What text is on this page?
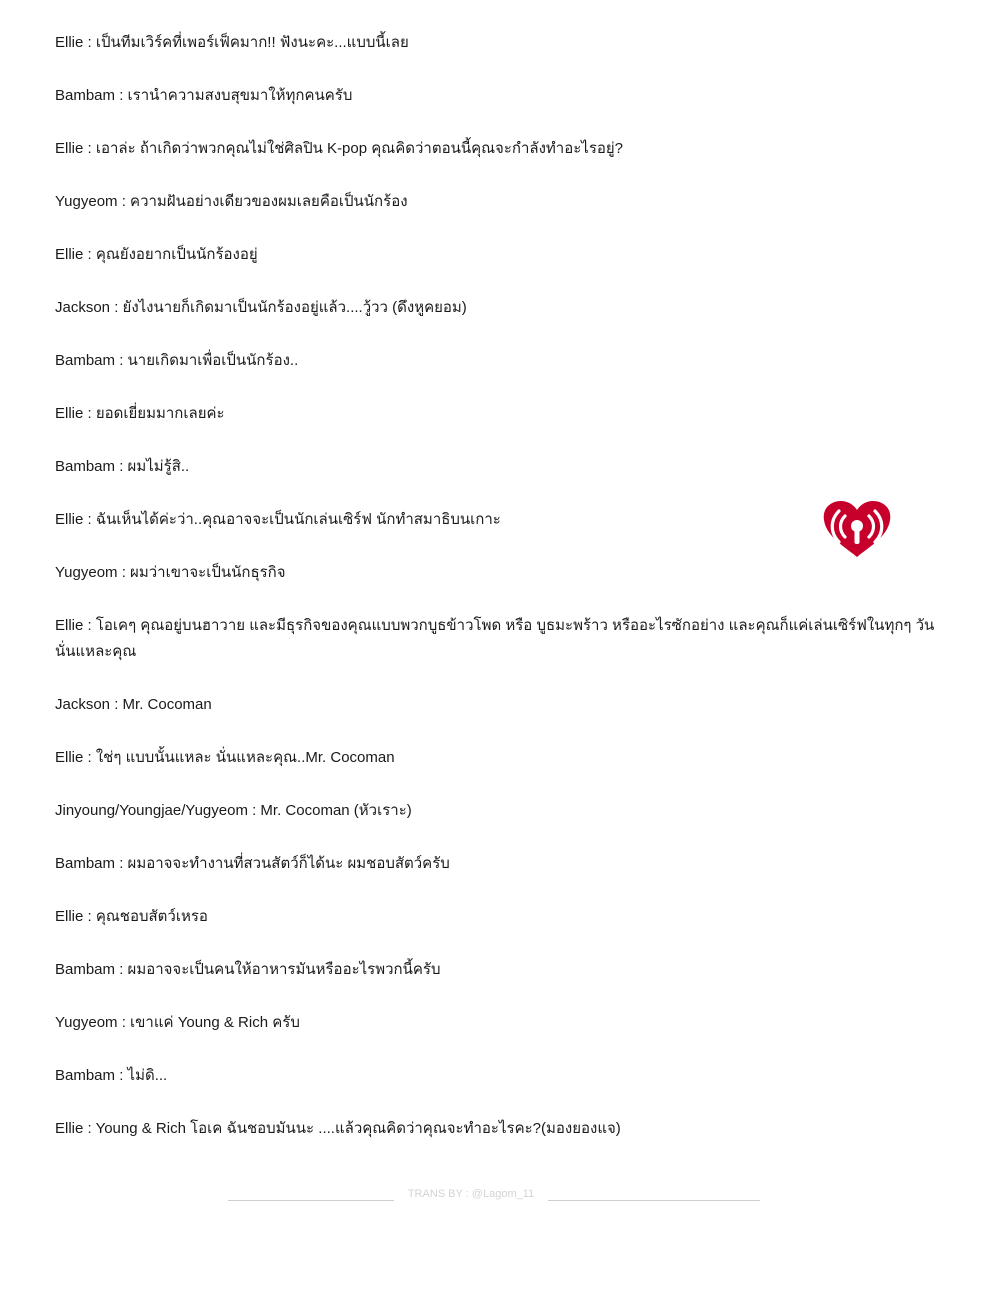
Ellie : เป็นทีมเวิร์คที่เพอร์เฟ็คมาก!! ฟังนะคะ...แบบนี้เลย

Bambam : เรานำความสงบสุขมาให้ทุกคนครับ

Ellie : เอาล่ะ ถ้าเกิดว่าพวกคุณไม่ใช่ศิลปิน K-pop คุณคิดว่าตอนนี้คุณจะกำลังทำอะไรอยู่?

Yugyeom : ความฝันอย่างเดียวของผมเลยคือเป็นนักร้อง

Ellie : คุณยังอยากเป็นนักร้องอยู่

Jackson : ยังไงนายก็เกิดมาเป็นนักร้องอยู่แล้ว....วู้วว (ดึงหูคยอม)

Bambam : นายเกิดมาเพื่อเป็นนักร้อง..

Ellie : ยอดเยี่ยมมากเลยค่ะ

Bambam : ผมไม่รู้สิ..

Ellie : ฉันเห็นได้ค่ะว่า..คุณอาจจะเป็นนักเล่นเซิร์ฟ นักทำสมาธิบนเกาะ

Yugyeom : ผมว่าเขาจะเป็นนักธุรกิจ

Ellie : โอเคๆ คุณอยู่บนฮาวาย และมีธุรกิจของคุณแบบพวกบูธข้าวโพด หรือ บูธมะพร้าว หรืออะไรซักอย่าง และคุณก็แค่เล่นเซิร์ฟในทุกๆ วัน นั่นแหละคุณ

Jackson : Mr. Cocoman

Ellie : ใช่ๆ แบบนั้นแหละ นั่นแหละคุณ..Mr. Cocoman

Jinyoung/Youngjae/Yugyeom : Mr. Cocoman (หัวเราะ)

Bambam : ผมอาจจะทำงานที่สวนสัตว์ก็ได้นะ ผมชอบสัตว์ครับ

Ellie : คุณชอบสัตว์เหรอ

Bambam : ผมอาจจะเป็นคนให้อาหารมันหรืออะไรพวกนี้ครับ

Yugyeom : เขาแค่ Young & Rich ครับ

Bambam : ไม่ดิ...

Ellie : Young & Rich โอเค ฉันชอบมันนะ ....แล้วคุณคิดว่าคุณจะทำอะไรคะ?(มองยองแจ)

TRANS BY : @Lagom_11
